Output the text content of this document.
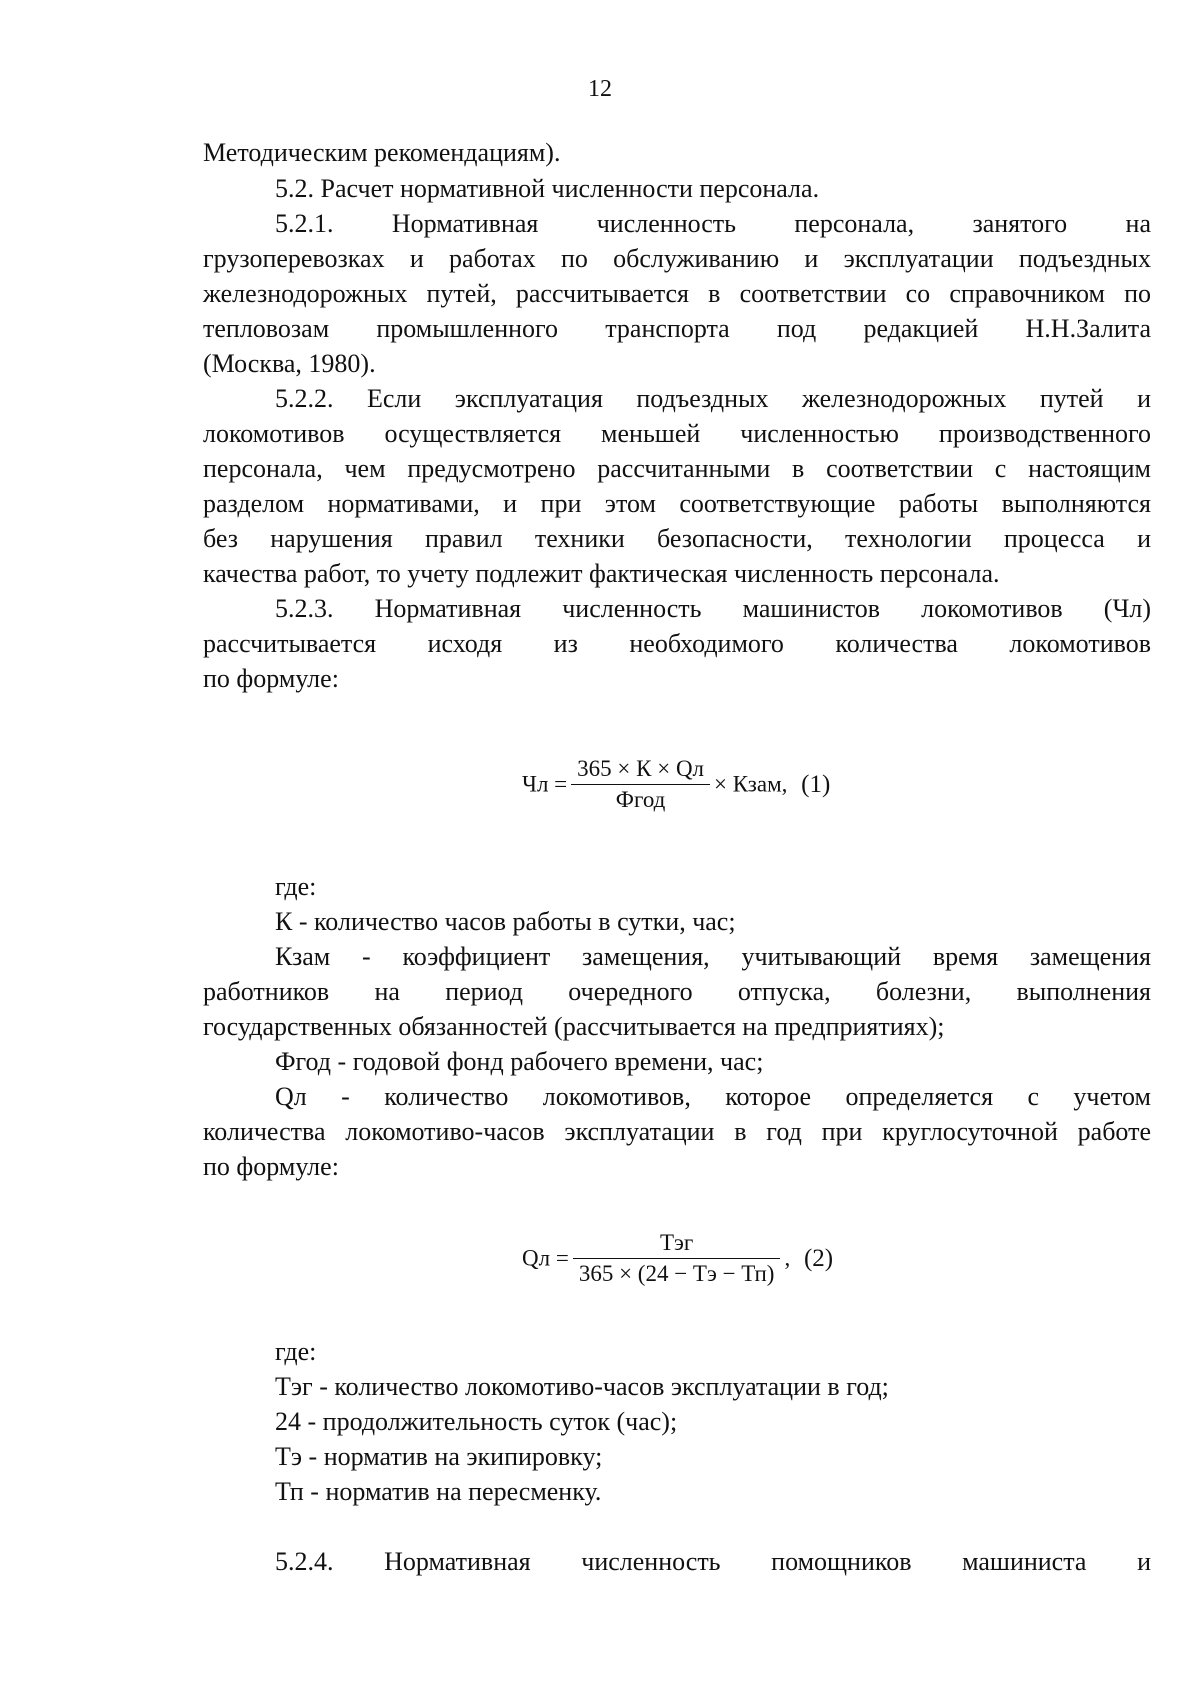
12
Методическим рекомендациям).
5.2. Расчет нормативной численности персонала.
5.2.1. Нормативная численность персонала, занятого на
грузоперевозках и работах по обслуживанию и эксплуатации подъездных
железнодорожных путей, рассчитывается в соответствии со справочником по
тепловозам промышленного транспорта под редакцией Н.Н.Залита
(Москва, 1980).
5.2.2. Если эксплуатация подъездных железнодорожных путей и
локомотивов осуществляется меньшей численностью производственного
персонала, чем предусмотрено рассчитанными в соответствии с настоящим
разделом нормативами, и при этом соответствующие работы выполняются
без нарушения правил техники безопасности, технологии процесса и
качества работ, то учету подлежит фактическая численность персонала.
5.2.3. Нормативная численность машинистов локомотивов (Чл)
рассчитывается исходя из необходимого количества локомотивов
по формуле:
Чл = $\frac{365 \times К \times Qл}{\text{Фгод}}$ × Кзам, (1)
где:
К - количество часов работы в сутки, час;
Кзам - коэффициент замещения, учитывающий время замещения
работников на период очередного отпуска, болезни, выполнения
государственных обязанностей (рассчитывается на предприятиях);
Фгод - годовой фонд рабочего времени, час;
Qл - количество локомотивов, которое определяется с учетом
количества локомотиво-часов эксплуатации в год при круглосуточной работе
по формуле:
Qл = $\frac{\text{Тэг}}{365 \times (24 - Тэ - Тп)}$ , (2)
где:
Тэг - количество локомотиво-часов эксплуатации в год;
24 - продолжительность суток (час);
Тэ - норматив на экипировку;
Тп - норматив на пересменку.
5.2.4. Нормативная численность помощников машиниста и
